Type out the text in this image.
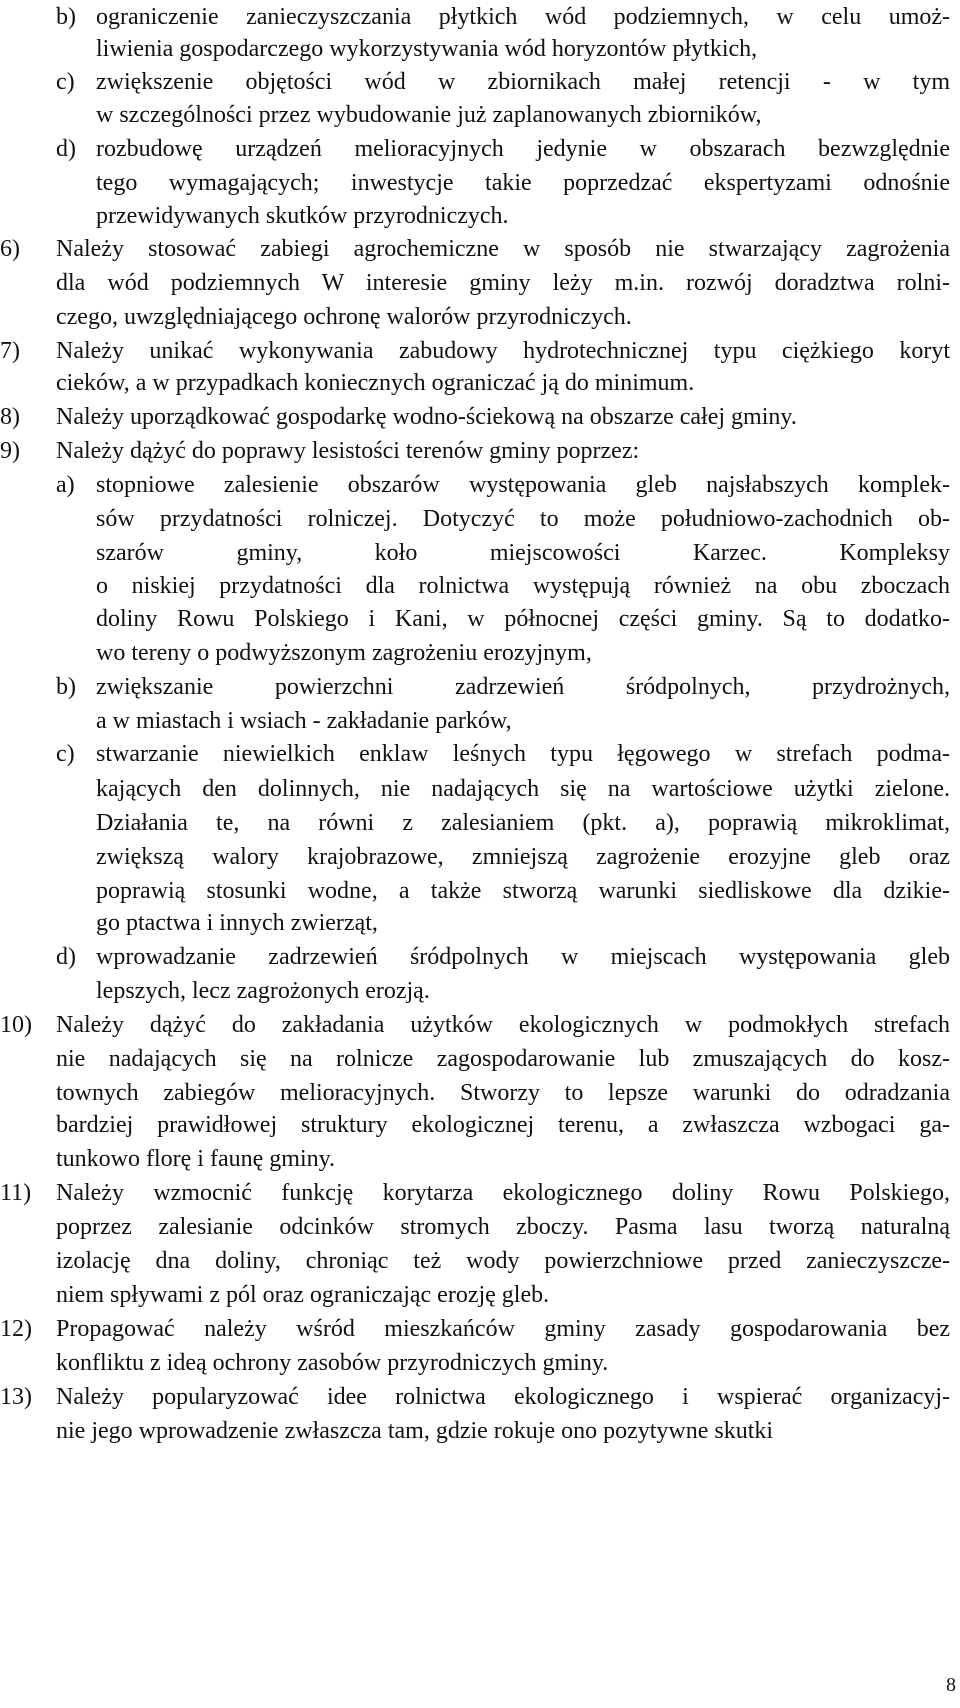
b) ograniczenie zanieczyszczania płytkich wód podziemnych, w celu umoż-
liwienia gospodarczego wykorzystywania wód horyzontów płytkich,
c) zwiększenie objętości wód w zbiornikach małej retencji - w tym
w szczególności przez wybudowanie już zaplanowanych zbiorników,
d) rozbudowę urządzeń melioracyjnych jedynie w obszarach bezwzględnie
tego wymagających; inwestycje takie poprzedzać ekspertyzami odnośnie
przewidywanych skutków przyrodniczych.
6) Należy stosować zabiegi agrochemiczne w sposób nie stwarzający zagrożenia
dla wód podziemnych W interesie gminy leży m.in. rozwój doradztwa rolni-
czego, uwzględniającego ochronę walorów przyrodniczych.
7) Należy unikać wykonywania zabudowy hydrotechnicznej typu ciężkiego koryt
cieków, a w przypadkach koniecznych ograniczać ją do minimum.
8) Należy uporządkować gospodarkę wodno-ściekową na obszarze całej gminy.
9) Należy dążyć do poprawy lesistości terenów gminy poprzez:
a) stopniowe zalesienie obszarów występowania gleb najsłabszych komplek-
sów przydatności rolniczej. Dotyczyć to może południowo-zachodnich ob-
szarów gminy, koło miejscowości Karzec. Kompleksy
o niskiej przydatności dla rolnictwa występują również na obu zboczach
doliny Rowu Polskiego i Kani, w północnej części gminy. Są to dodatko-
wo tereny o podwyższonym zagrożeniu erozyjnym,
b) zwiększanie powierzchni zadrzewień śródpolnych, przydrożnych,
a w miastach i wsiach - zakładanie parków,
c) stwarzanie niewielkich enklaw leśnych typu łęgowego w strefach podma-
kających den dolinnych, nie nadających się na wartościowe użytki zielone.
Działania te, na równi z zalesianiem (pkt. a), poprawią mikroklimat,
zwiększą walory krajobrazowe, zmniejszą zagrożenie erozyjne gleb oraz
poprawią stosunki wodne, a także stworzą warunki siedliskowe dla dzikie-
go ptactwa i innych zwierząt,
d) wprowadzanie zadrzewień śródpolnych w miejscach występowania gleb
lepszych, lecz zagrożonych erozją.
10) Należy dążyć do zakładania użytków ekologicznych w podmokłych strefach
nie nadających się na rolnicze zagospodarowanie lub zmuszających do kosz-
townych zabiegów melioracyjnych. Stworzy to lepsze warunki do odradzania
bardziej prawidłowej struktury ekologicznej terenu, a zwłaszcza wzbogaci ga-
tunkowo florę i faunę gminy.
11) Należy wzmocnić funkcję korytarza ekologicznego doliny Rowu Polskiego,
poprzez zalesianie odcinków stromych zboczy. Pasma lasu tworzą naturalną
izolację dna doliny, chroniąc też wody powierzchniowe przed zanieczyszcze-
niem spływami z pól oraz ograniczając erozję gleb.
12) Propagować należy wśród mieszkańców gminy zasady gospodarowania bez
konfliktu z ideą ochrony zasobów przyrodniczych gminy.
13) Należy popularyzować idee rolnictwa ekologicznego i wspierać organizacyj-
nie jego wprowadzenie zwłaszcza tam, gdzie rokuje ono pozytywne skutki
8
